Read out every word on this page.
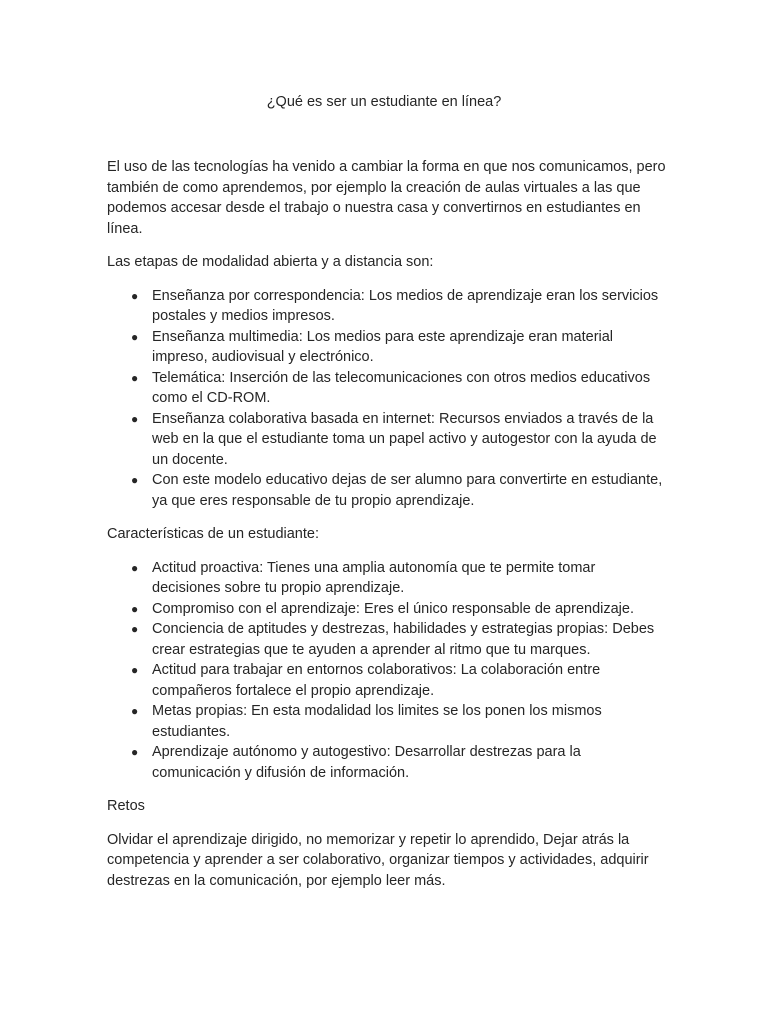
¿Qué es ser un estudiante en línea?

El uso de las tecnologías ha venido a cambiar la forma en que nos comunicamos, pero también de como aprendemos, por ejemplo la creación de aulas virtuales a las que podemos accesar desde el trabajo o nuestra casa y convertirnos en estudiantes en línea.

Las etapas de modalidad abierta y a distancia son:

● Enseñanza por correspondencia: Los medios de aprendizaje eran los servicios postales y medios impresos.
● Enseñanza multimedia: Los medios para este aprendizaje eran material impreso, audiovisual y electrónico.
● Telemática: Inserción de las telecomunicaciones con otros medios educativos como el CD-ROM.
● Enseñanza colaborativa basada en internet: Recursos enviados a través de la web en la que el estudiante toma un papel activo y autogestor con la ayuda de un docente.
● Con este modelo educativo dejas de ser alumno para convertirte en estudiante, ya que eres responsable de tu propio aprendizaje.

Características de un estudiante:

● Actitud proactiva: Tienes una amplia autonomía que te permite tomar decisiones sobre tu propio aprendizaje.
● Compromiso con el aprendizaje: Eres el único responsable de aprendizaje.
● Conciencia de aptitudes y destrezas, habilidades y estrategias propias: Debes crear estrategias que te ayuden a aprender al ritmo que tu marques.
● Actitud para trabajar en entornos colaborativos: La colaboración entre compañeros fortalece el propio aprendizaje.
● Metas propias: En esta modalidad los limites se los ponen los mismos estudiantes.
● Aprendizaje autónomo y autogestivo: Desarrollar destrezas para la comunicación y difusión de información.

Retos

Olvidar el aprendizaje dirigido, no memorizar y repetir lo aprendido, Dejar atrás la competencia y aprender a ser colaborativo, organizar tiempos y actividades, adquirir destrezas en la comunicación, por ejemplo leer más.
